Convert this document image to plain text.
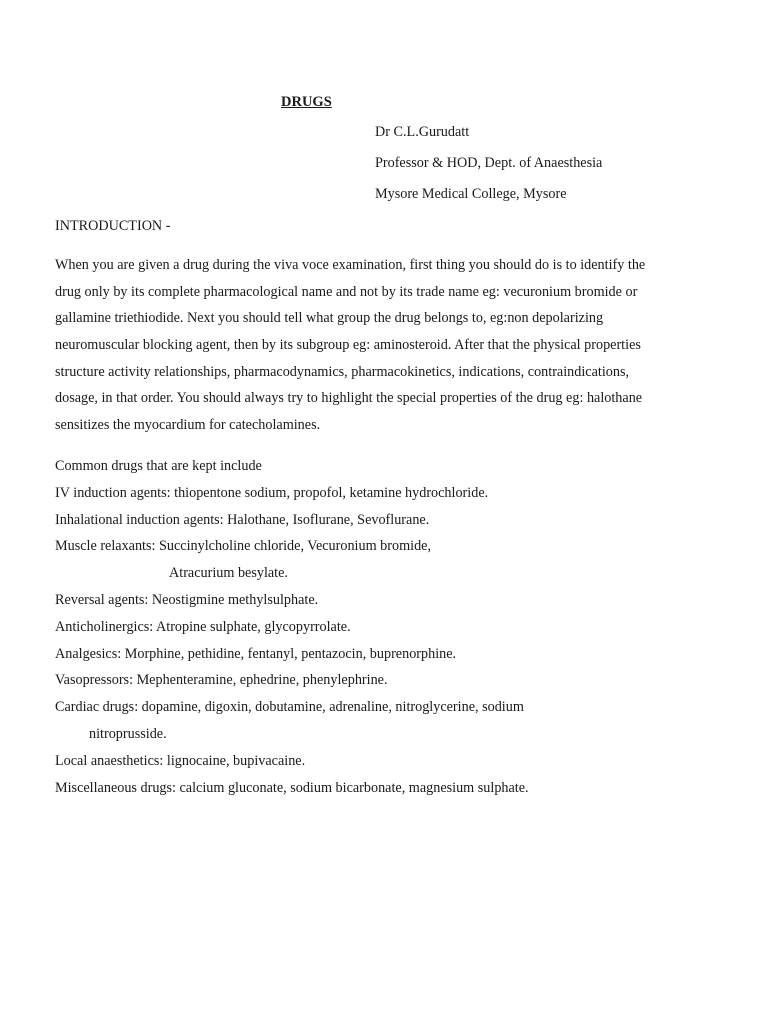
DRUGS
Dr C.L.Gurudatt
Professor & HOD, Dept. of Anaesthesia
Mysore Medical College, Mysore
INTRODUCTION -
When you are given a drug during the viva voce examination, first thing you should do is to identify the
drug only by its complete pharmacological name and not by its trade name eg: vecuronium bromide or
gallamine triethiodide. Next you should tell what group the drug belongs to, eg:non depolarizing
neuromuscular blocking agent, then by its subgroup eg: aminosteroid. After that the physical properties
structure activity relationships, pharmacodynamics, pharmacokinetics, indications, contraindications,
dosage, in that order. You should always try to highlight the special properties of the drug eg: halothane
sensitizes the myocardium for catecholamines.
Common drugs that are kept include
IV induction agents: thiopentone sodium, propofol, ketamine hydrochloride.
Inhalational induction agents: Halothane, Isoflurane, Sevoflurane.
Muscle relaxants: Succinylcholine chloride, Vecuronium bromide,
Atracurium besylate.
Reversal agents: Neostigmine methylsulphate.
Anticholinergics: Atropine sulphate, glycopyrrolate.
Analgesics: Morphine, pethidine, fentanyl, pentazocin, buprenorphine.
Vasopressors: Mephenteramine, ephedrine, phenylephrine.
Cardiac drugs: dopamine, digoxin, dobutamine, adrenaline, nitroglycerine, sodium
nitroprusside.
Local anaesthetics: lignocaine, bupivacaine.
Miscellaneous drugs: calcium gluconate, sodium bicarbonate, magnesium sulphate.
